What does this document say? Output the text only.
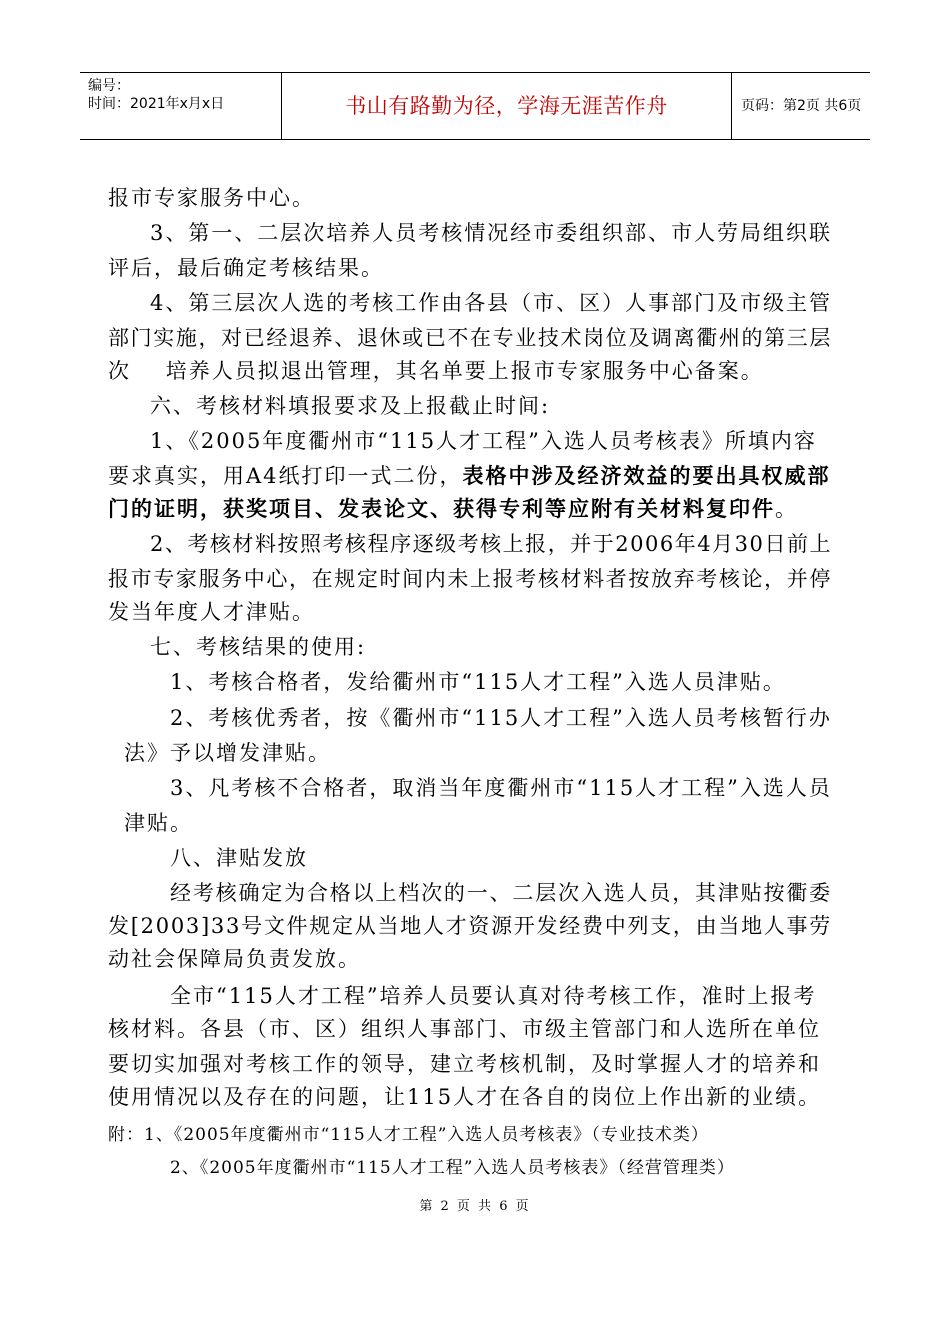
编号：
时间：2021年x月x日	书山有路勤为径，学海无涯苦作舟	页码：第2页 共6页
报市专家服务中心。
3、第一、二层次培养人员考核情况经市委组织部、市人劳局组织联
评后，最后确定考核结果。
4、第三层次人选的考核工作由各县（市、区）人事部门及市级主管
部门实施，对已经退养、退休或已不在专业技术岗位及调离衢州的第三层
次    培养人员拟退出管理，其名单要上报市专家服务中心备案。
六、考核材料填报要求及上报截止时间:
1、《2005年度衢州市“115人才工程”入选人员考核表》所填内容
要求真实，用A4纸打印一式二份，表格中涉及经济效益的要出具权威部
门的证明，获奖项目、发表论文、获得专利等应附有关材料复印件。
2、考核材料按照考核程序逐级考核上报，并于2006年4月30日前上
报市专家服务中心，在规定时间内未上报考核材料者按放弃考核论，并停
发当年度人才津贴。
七、考核结果的使用:
1、考核合格者，发给衢州市“115人才工程”入选人员津贴。
2、考核优秀者，按《衢州市“115人才工程”入选人员考核暂行办
法》予以增发津贴。
3、凡考核不合格者，取消当年度衢州市“115人才工程”入选人员
津贴。
八、津贴发放
经考核确定为合格以上档次的一、二层次入选人员，其津贴按衢委
发[2003]33号文件规定从当地人才资源开发经费中列支，由当地人事劳
动社会保障局负责发放。
全市“115人才工程”培养人员要认真对待考核工作，准时上报考
核材料。各县（市、区）组织人事部门、市级主管部门和人选所在单位
要切实加强对考核工作的领导，建立考核机制，及时掌握人才的培养和
使用情况以及存在的问题，让115人才在各自的岗位上作出新的业绩。
附：1、《2005年度衢州市“115人才工程”入选人员考核表》（专业技术类）
2、《2005年度衢州市“115人才工程”入选人员考核表》（经营管理类）
第 2 页 共 6 页
